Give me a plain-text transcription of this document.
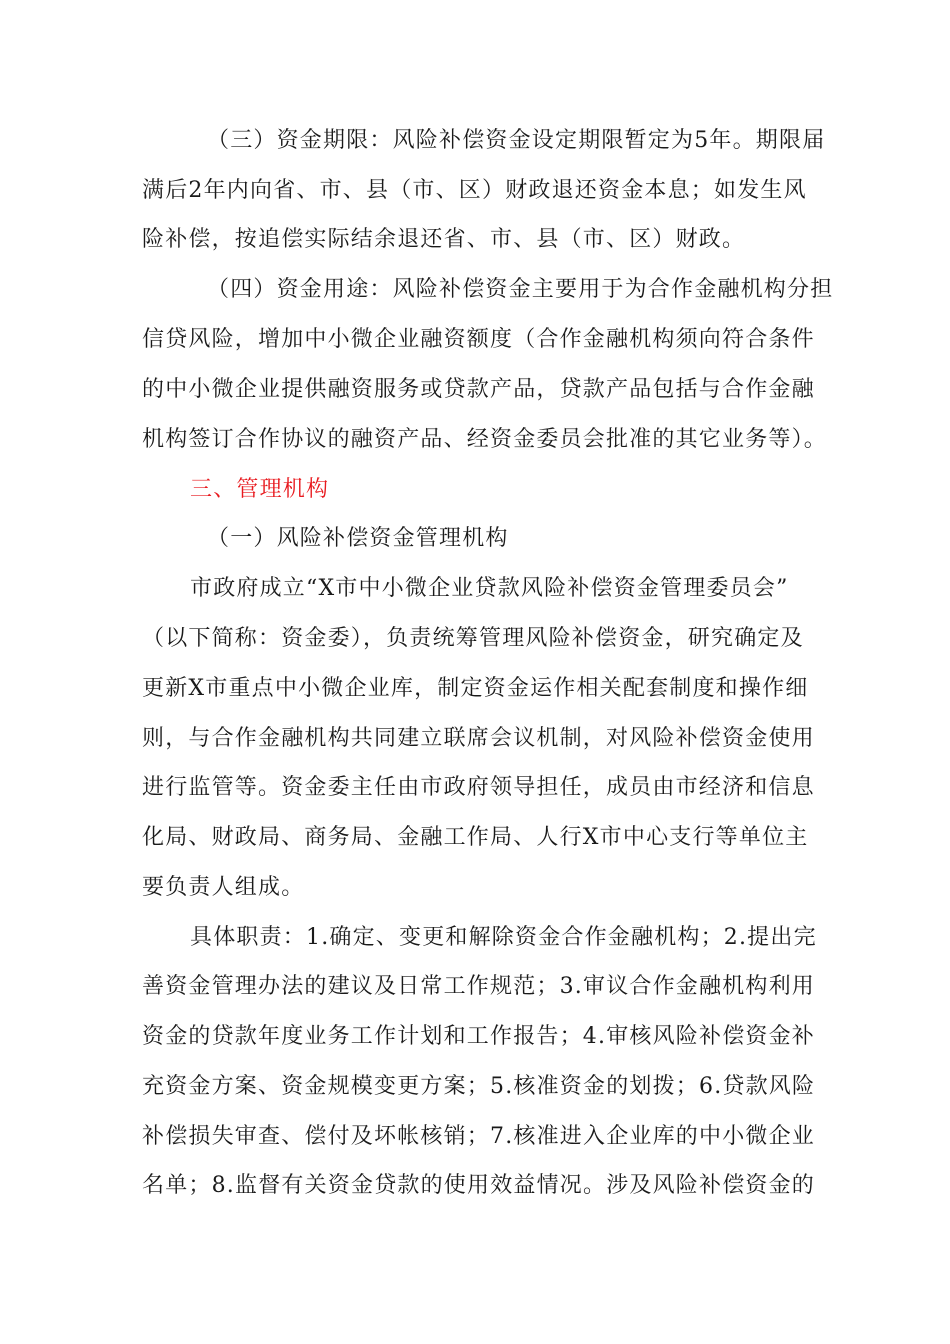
（三）资金期限：风险补偿资金设定期限暂定为5年。期限届
满后2年内向省、市、县（市、区）财政退还资金本息；如发生风
险补偿，按追偿实际结余退还省、市、县（市、区）财政。
（四）资金用途：风险补偿资金主要用于为合作金融机构分担
信贷风险，增加中小微企业融资额度（合作金融机构须向符合条件
的中小微企业提供融资服务或贷款产品，贷款产品包括与合作金融
机构签订合作协议的融资产品、经资金委员会批准的其它业务等）。
三、管理机构
（一）风险补偿资金管理机构
市政府成立“X市中小微企业贷款风险补偿资金管理委员会”
（以下简称：资金委），负责统筹管理风险补偿资金，研究确定及
更新X市重点中小微企业库，制定资金运作相关配套制度和操作细
则，与合作金融机构共同建立联席会议机制，对风险补偿资金使用
进行监管等。资金委主任由市政府领导担任，成员由市经济和信息
化局、财政局、商务局、金融工作局、人行X市中心支行等单位主
要负责人组成。
具体职责：1.确定、变更和解除资金合作金融机构；2.提出完
善资金管理办法的建议及日常工作规范；3.审议合作金融机构利用
资金的贷款年度业务工作计划和工作报告；4.审核风险补偿资金补
充资金方案、资金规模变更方案；5.核准资金的划拨；6.贷款风险
补偿损失审查、偿付及坏帐核销；7.核准进入企业库的中小微企业
名单；8.监督有关资金贷款的使用效益情况。涉及风险补偿资金的
